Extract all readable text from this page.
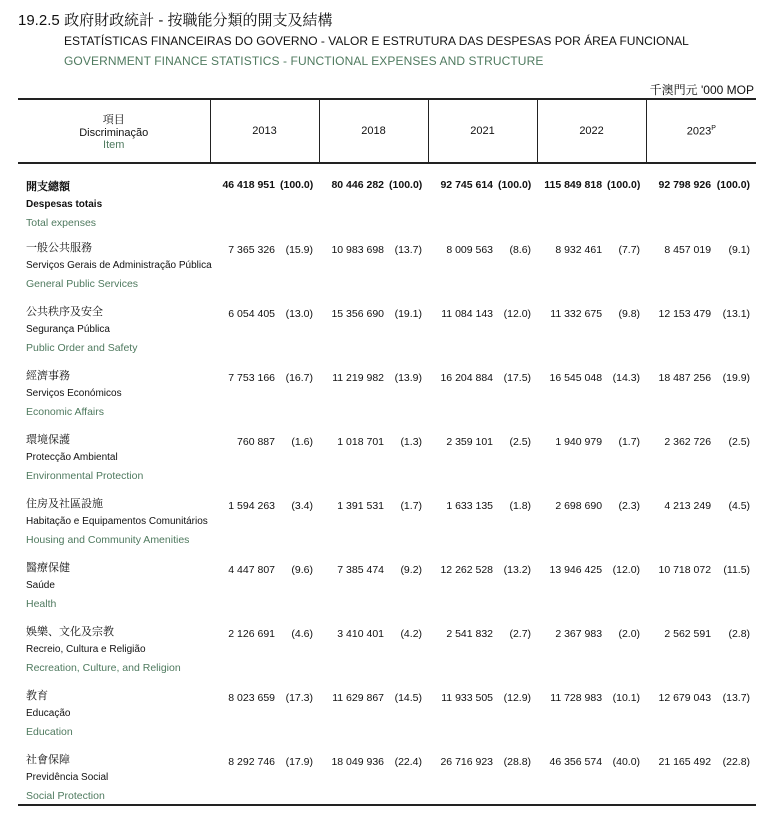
19.2.5 政府財政統計 - 按職能分類的開支及結構
ESTATÍSTICAS FINANCEIRAS DO GOVERNO - VALOR E ESTRUTURA DAS DESPESAS POR ÁREA FUNCIONAL
GOVERNMENT FINANCE STATISTICS - FUNCTIONAL EXPENSES AND STRUCTURE
千澳門元 '000 MOP
項目
Discriminação
Item	2013		2018		2021		2022		$2023^P$

開支總額
Despesas totais
Total expenses	46 418 951	(100.0)	80 446 282	(100.0)	92 745 614	(100.0)	115 849 818	(100.0)	92 798 926	(100.0)

一般公共服務
Serviços Gerais de Administração Pública
General Public Services	7 365 326	(15.9)	10 983 698	(13.7)	8 009 563	(8.6)	8 932 461	(7.7)	8 457 019	(9.1)

公共秩序及安全
Segurança Pública
Public Order and Safety	6 054 405	(13.0)	15 356 690	(19.1)	11 084 143	(12.0)	11 332 675	(9.8)	12 153 479	(13.1)

經濟事務
Serviços Económicos
Economic Affairs	7 753 166	(16.7)	11 219 982	(13.9)	16 204 884	(17.5)	16 545 048	(14.3)	18 487 256	(19.9)

環境保護
Protecção Ambiental
Environmental Protection	760 887	(1.6)	1 018 701	(1.3)	2 359 101	(2.5)	1 940 979	(1.7)	2 362 726	(2.5)

住房及社區設施
Habitação e Equipamentos Comunitários
Housing and Community Amenities	1 594 263	(3.4)	1 391 531	(1.7)	1 633 135	(1.8)	2 698 690	(2.3)	4 213 249	(4.5)

醫療保健
Saúde
Health	4 447 807	(9.6)	7 385 474	(9.2)	12 262 528	(13.2)	13 946 425	(12.0)	10 718 072	(11.5)

娛樂、文化及宗教
Recreio, Cultura e Religião
Recreation, Culture, and Religion	2 126 691	(4.6)	3 410 401	(4.2)	2 541 832	(2.7)	2 367 983	(2.0)	2 562 591	(2.8)

教育
Educação
Education	8 023 659	(17.3)	11 629 867	(14.5)	11 933 505	(12.9)	11 728 983	(10.1)	12 679 043	(13.7)

社會保障
Previdência Social
Social Protection	8 292 746	(17.9)	18 049 936	(22.4)	26 716 923	(28.8)	46 356 574	(40.0)	21 165 492	(22.8)
